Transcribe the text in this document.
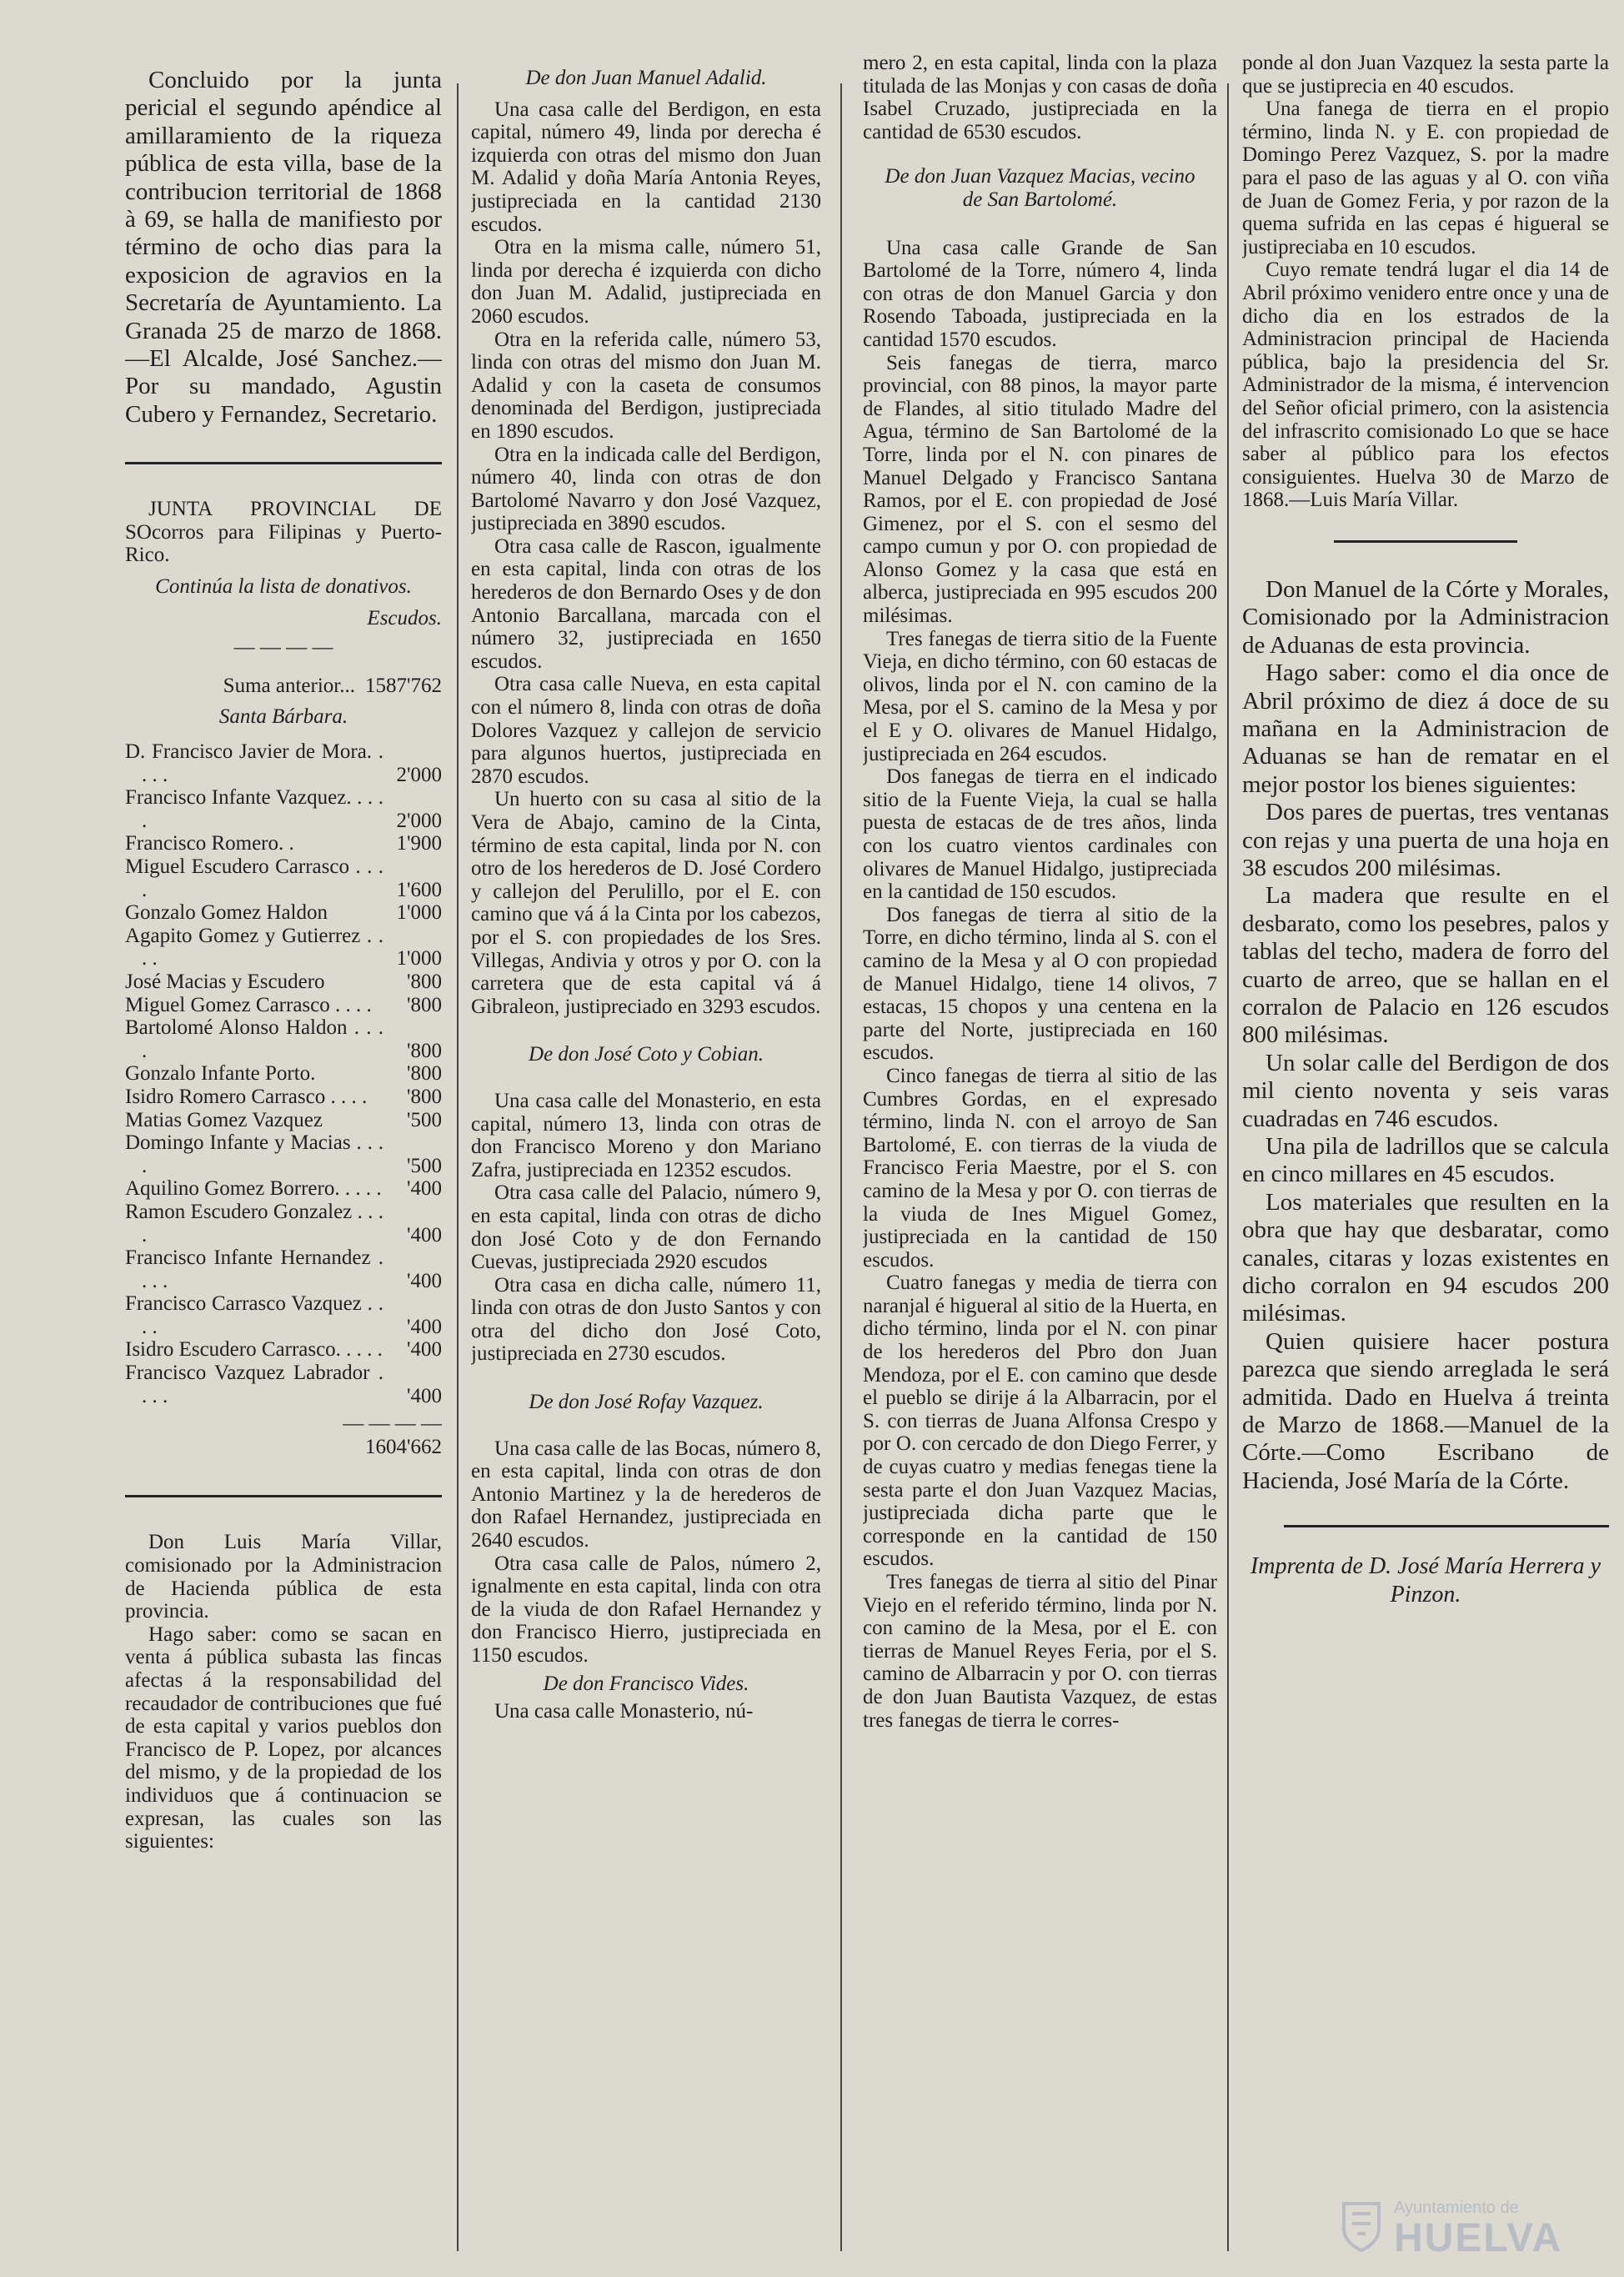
Concluido por la junta pericial el segundo apéndice al amillaramiento de la riqueza pública de esta villa, base de la contribucion territorial de 1868 à 69, se halla de manifiesto por término de ocho dias para la exposicion de agravios en la Secretaría de Ayuntamiento. La Granada 25 de marzo de 1868.—El Alcalde, José Sanchez.—Por su mandado, Agustin Cubero y Fernandez, Secretario.

JUNTA PROVINCIAL DE SOcorros para Filipinas y Puerto-Rico.

Continúa la lista de donativos.

Escudos.

— — — —
Suma anterior... 1587'762

Santa Bárbara.

D. Francisco Javier de Mora. . . . .	2'000
Francisco Infante Vazquez. . . . .	2'000
Francisco Romero. .	1'900
Miguel Escudero Carrasco . . . .	1'600
Gonzalo Gomez Haldon	1'000
Agapito Gomez y Gutierrez . . . .	1'000
José Macias y Escudero	'800
Miguel Gomez Carrasco . . . .	'800
Bartolomé Alonso Haldon . . . .	'800
Gonzalo Infante Porto.	'800
Isidro Romero Carrasco . . . .	'800
Matias Gomez Vazquez	'500
Domingo Infante y Macias . . . .	'500
Aquilino Gomez Borrero. . . . .	'400
Ramon Escudero Gonzalez . . . .	'400
Francisco Infante Hernandez . . . .	'400
Francisco Carrasco Vazquez . . . .	'400
Isidro Escudero Carrasco. . . . .	'400
Francisco Vazquez Labrador . . . .	'400
— — — —

1604'662

Don Luis María Villar, comisionado por la Administracion de Hacienda pública de esta provincia.

Hago saber: como se sacan en venta á pública subasta las fincas afectas á la responsabilidad del recaudador de contribuciones que fué de esta capital y varios pueblos don Francisco de P. Lopez, por alcances del mismo, y de la propiedad de los individuos que á continuacion se expresan, las cuales son las siguientes:

De don Juan Manuel Adalid.

Una casa calle del Berdigon, en esta capital, número 49, linda por derecha é izquierda con otras del mismo don Juan M. Adalid y doña María Antonia Reyes, justipreciada en la cantidad 2130 escudos.

Otra en la misma calle, número 51, linda por derecha é izquierda con dicho don Juan M. Adalid, justipreciada en 2060 escudos.

Otra en la referida calle, número 53, linda con otras del mismo don Juan M. Adalid y con la caseta de consumos denominada del Berdigon, justipreciada en 1890 escudos.

Otra en la indicada calle del Berdigon, número 40, linda con otras de don Bartolomé Navarro y don José Vazquez, justipreciada en 3890 escudos.

Otra casa calle de Rascon, igualmente en esta capital, linda con otras de los herederos de don Bernardo Oses y de don Antonio Barcallana, marcada con el número 32, justipreciada en 1650 escudos.

Otra casa calle Nueva, en esta capital con el número 8, linda con otras de doña Dolores Vazquez y callejon de servicio para algunos huertos, justipreciada en 2870 escudos.

Un huerto con su casa al sitio de la Vera de Abajo, camino de la Cinta, término de esta capital, linda por N. con otro de los herederos de D. José Cordero y callejon del Perulillo, por el E. con camino que vá á la Cinta por los cabezos, por el S. con propiedades de los Sres. Villegas, Andivia y otros y por O. con la carretera que de esta capital vá á Gibraleon, justipreciado en 3293 escudos.

De don José Coto y Cobian.

Una casa calle del Monasterio, en esta capital, número 13, linda con otras de don Francisco Moreno y don Mariano Zafra, justipreciada en 12352 escudos.

Otra casa calle del Palacio, número 9, en esta capital, linda con otras de dicho don José Coto y de don Fernando Cuevas, justipreciada 2920 escudos

Otra casa en dicha calle, número 11, linda con otras de don Justo Santos y con otra del dicho don José Coto, justipreciada en 2730 escudos.

De don José Rofay Vazquez.

Una casa calle de las Bocas, número 8, en esta capital, linda con otras de don Antonio Martinez y la de herederos de don Rafael Hernandez, justipreciada en 2640 escudos.

Otra casa calle de Palos, número 2, ignalmente en esta capital, linda con otra de la viuda de don Rafael Hernandez y don Francisco Hierro, justipreciada en 1150 escudos.

De don Francisco Vides.

Una casa calle Monasterio, nú-

mero 2, en esta capital, linda con la plaza titulada de las Monjas y con casas de doña Isabel Cruzado, justipreciada en la cantidad de 6530 escudos.

De don Juan Vazquez Macias, vecino de San Bartolomé.

Una casa calle Grande de San Bartolomé de la Torre, número 4, linda con otras de don Manuel Garcia y don Rosendo Taboada, justipreciada en la cantidad 1570 escudos.

Seis fanegas de tierra, marco provincial, con 88 pinos, la mayor parte de Flandes, al sitio titulado Madre del Agua, término de San Bartolomé de la Torre, linda por el N. con pinares de Manuel Delgado y Francisco Santana Ramos, por el E. con propiedad de José Gimenez, por el S. con el sesmo del campo cumun y por O. con propiedad de Alonso Gomez y la casa que está en alberca, justipreciada en 995 escudos 200 milésimas.

Tres fanegas de tierra sitio de la Fuente Vieja, en dicho término, con 60 estacas de olivos, linda por el N. con camino de la Mesa, por el S. camino de la Mesa y por el E y O. olivares de Manuel Hidalgo, justipreciada en 264 escudos.

Dos fanegas de tierra en el indicado sitio de la Fuente Vieja, la cual se halla puesta de estacas de de tres años, linda con los cuatro vientos cardinales con olivares de Manuel Hidalgo, justipreciada en la cantidad de 150 escudos.

Dos fanegas de tierra al sitio de la Torre, en dicho término, linda al S. con el camino de la Mesa y al O con propiedad de Manuel Hidalgo, tiene 14 olivos, 7 estacas, 15 chopos y una centena en la parte del Norte, justipreciada en 160 escudos.

Cinco fanegas de tierra al sitio de las Cumbres Gordas, en el expresado término, linda N. con el arroyo de San Bartolomé, E. con tierras de la viuda de Francisco Feria Maestre, por el S. con camino de la Mesa y por O. con tierras de la viuda de Ines Miguel Gomez, justipreciada en la cantidad de 150 escudos.

Cuatro fanegas y media de tierra con naranjal é higueral al sitio de la Huerta, en dicho término, linda por el N. con pinar de los herederos del Pbro don Juan Mendoza, por el E. con camino que desde el pueblo se dirije á la Albarracin, por el S. con tierras de Juana Alfonsa Crespo y por O. con cercado de don Diego Ferrer, y de cuyas cuatro y medias fenegas tiene la sesta parte el don Juan Vazquez Macias, justipreciada dicha parte que le corresponde en la cantidad de 150 escudos.

Tres fanegas de tierra al sitio del Pinar Viejo en el referido término, linda por N. con camino de la Mesa, por el E. con tierras de Manuel Reyes Feria, por el S. camino de Albarracin y por O. con tierras de don Juan Bautista Vazquez, de estas tres fanegas de tierra le corres-

ponde al don Juan Vazquez la sesta parte la que se justiprecia en 40 escudos.

Una fanega de tierra en el propio término, linda N. y E. con propiedad de Domingo Perez Vazquez, S. por la madre para el paso de las aguas y al O. con viña de Juan de Gomez Feria, y por razon de la quema sufrida en las cepas é higueral se justipreciaba en 10 escudos.

Cuyo remate tendrá lugar el dia 14 de Abril próximo venidero entre once y una de dicho dia en los estrados de la Administracion principal de Hacienda pública, bajo la presidencia del Sr. Administrador de la misma, é intervencion del Señor oficial primero, con la asistencia del infrascrito comisionado Lo que se hace saber al público para los efectos consiguientes. Huelva 30 de Marzo de 1868.—Luis María Villar.

Don Manuel de la Córte y Morales, Comisionado por la Administracion de Aduanas de esta provincia.

Hago saber: como el dia once de Abril próximo de diez á doce de su mañana en la Administracion de Aduanas se han de rematar en el mejor postor los bienes siguientes:

Dos pares de puertas, tres ventanas con rejas y una puerta de una hoja en 38 escudos 200 milésimas.

La madera que resulte en el desbarato, como los pesebres, palos y tablas del techo, madera de forro del cuarto de arreo, que se hallan en el corralon de Palacio en 126 escudos 800 milésimas.

Un solar calle del Berdigon de dos mil ciento noventa y seis varas cuadradas en 746 escudos.

Una pila de ladrillos que se calcula en cinco millares en 45 escudos.

Los materiales que resulten en la obra que hay que desbaratar, como canales, citaras y lozas existentes en dicho corralon en 94 escudos 200 milésimas.

Quien quisiere hacer postura parezca que siendo arreglada le será admitida. Dado en Huelva á treinta de Marzo de 1868.—Manuel de la Córte.—Como Escribano de Hacienda, José María de la Córte.

Imprenta de D. José María Herrera y Pinzon.

Ayuntamiento de
HUELVA
